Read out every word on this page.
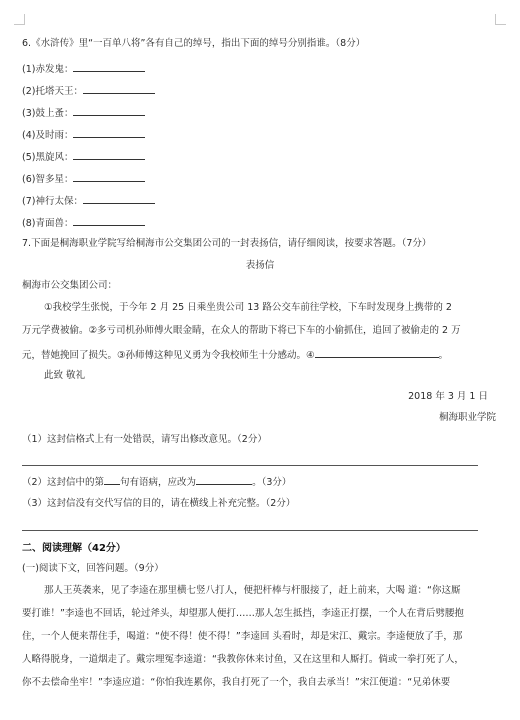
6.《水浒传》里“一百单八将”各有自己的绰号，指出下面的绰号分别指谁。（8分）
(1)赤发鬼：
(2)托塔天王：
(3)鼓上蚤：
(4)及时雨：
(5)黑旋风：
(6)智多星：
(7)神行太保：
(8)青面兽：
7.下面是桐海职业学院写给桐海市公交集团公司的一封表扬信，请仔细阅读，按要求答题。（7分）
表扬信
桐海市公交集团公司：
①我校学生张悦，于今年 2 月 25 日乘坐贵公司 13 路公交车前往学校，下车时发现身上携带的 2
万元学费被偷。②多亏司机孙师傅火眼金睛，在众人的帮助下将已下车的小偷抓住，追回了被偷走的 2 万
元，替她挽回了损失。③孙师傅这种见义勇为令我校师生十分感动。④	。
此致 敬礼
2018 年 3 月 1 日
桐海职业学院
（1）这封信格式上有一处错误，请写出修改意见。（2分）
（2）这封信中的第 句有语病，应改为	。（3分）
（3）这封信没有交代写信的目的，请在横线上补充完整。（2分）
二、阅读理解（42分）
(一)阅读下文，回答问题。（9分）
那人王英袭来，见了李逵在那里横七竖八打人，便把杆棒与杆服接了，赶上前来，大喝 道：“你这厮
要打谁！”李逵也不回话，轮过斧头，却望那人便打……那人怎生抵挡，李逵正打摆，一个人在背后劈腰抱
住，一个人便来帮住手，喝道：“使不得！使不得！”李逵回 头看时，却是宋江、戴宗。李逵便放了手，那
人略得脱身，一道烟走了。戴宗埋冤李逵道：“我教你休来讨鱼，又在这里和人厮打。倘或一拳打死了人，
你不去偿命坐牢！”李逵应道：“你怕我连累你，我自打死了一个，我自去承当！”宋江便道：“兄弟休要
